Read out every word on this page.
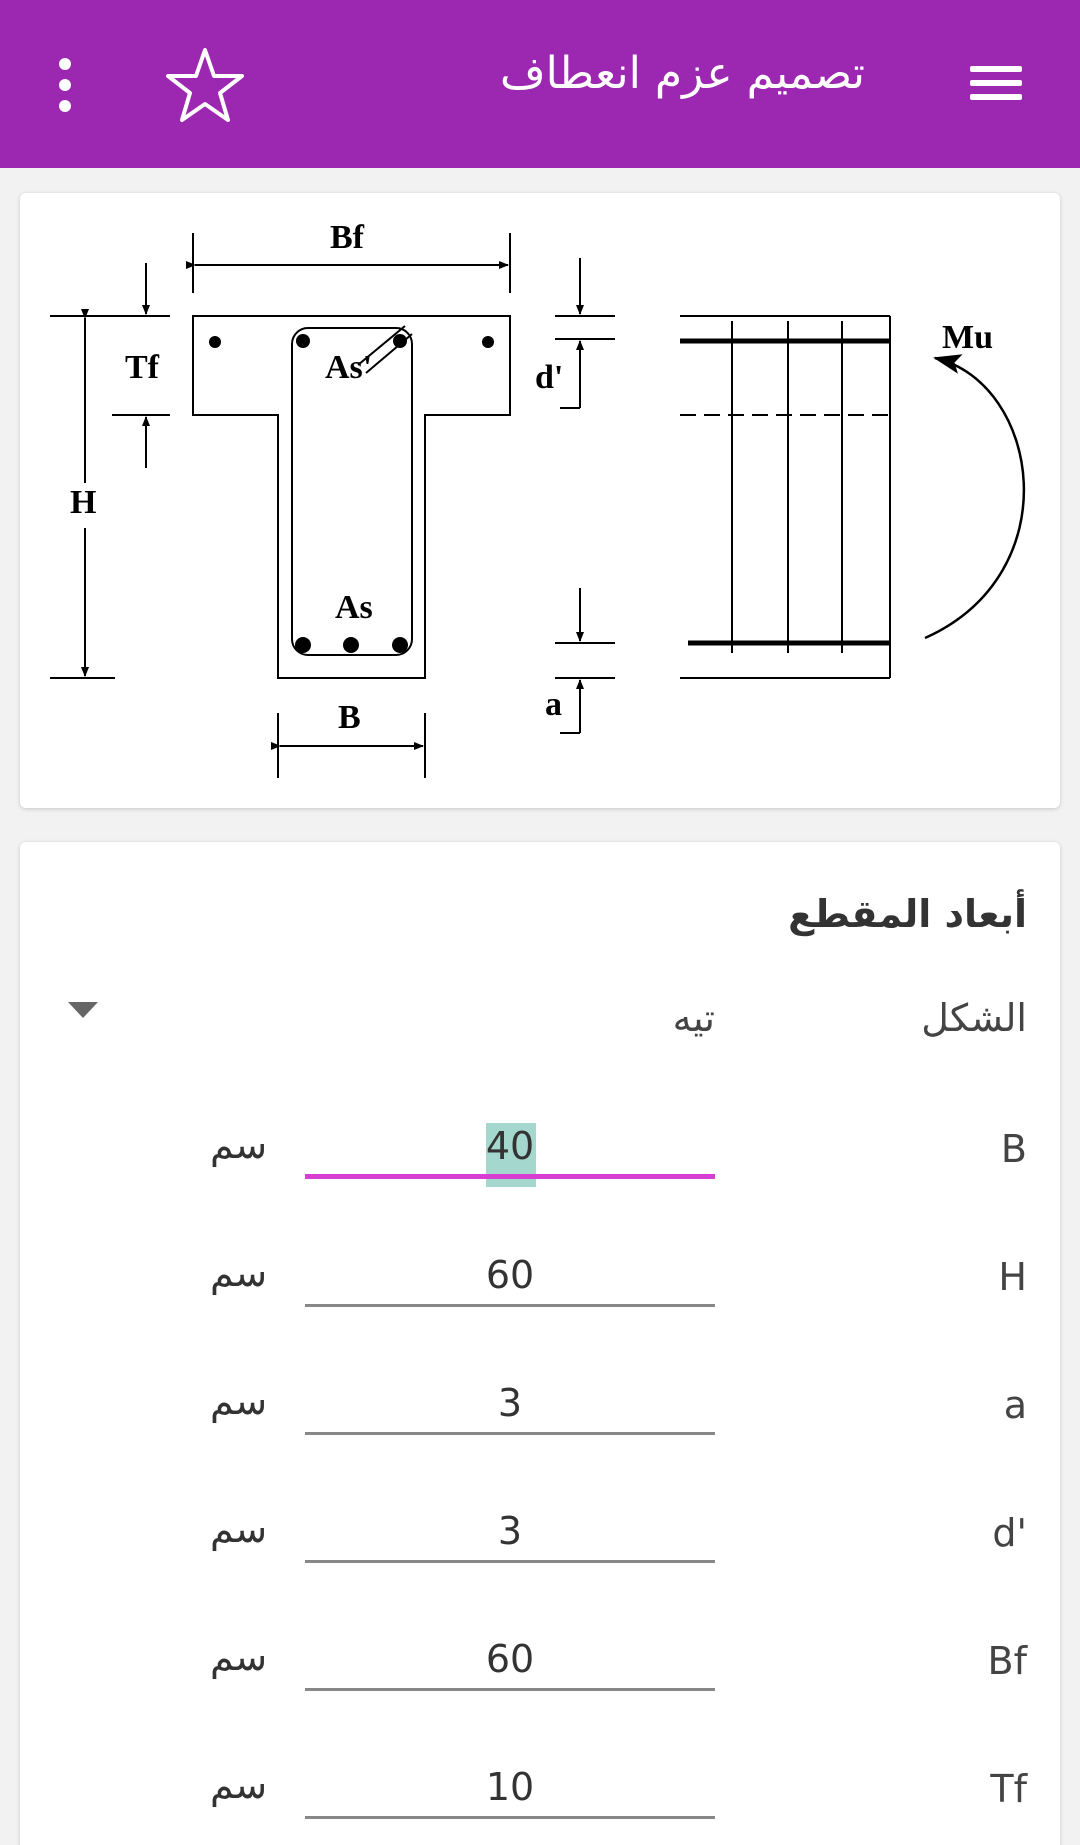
تصميم عزم انعطاف
Bf
Tf
H
B
As'
As
d'
a
Mu
أبعاد المقطع
الشكل
تيه
B
40
سم
H
60
سم
a
3
سم
d'
3
سم
Bf
60
سم
Tf
10
سم
